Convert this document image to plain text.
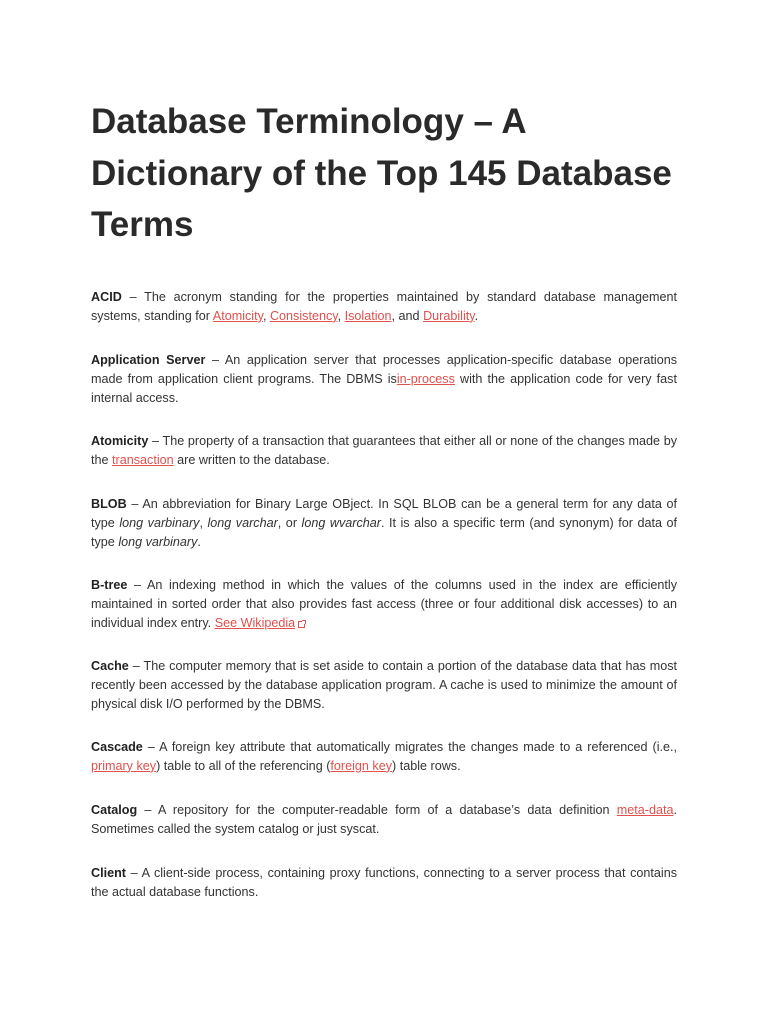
Database Terminology – A Dictionary of the Top 145 Database Terms

ACID – The acronym standing for the properties maintained by standard database management systems, standing for Atomicity, Consistency, Isolation, and Durability.

Application Server – An application server that processes application-specific database operations made from application client programs. The DBMS isin-process with the application code for very fast internal access.

Atomicity – The property of a transaction that guarantees that either all or none of the changes made by the transaction are written to the database.

BLOB – An abbreviation for Binary Large OBject. In SQL BLOB can be a general term for any data of type long varbinary, long varchar, or long wvarchar. It is also a specific term (and synonym) for data of type long varbinary.

B-tree – An indexing method in which the values of the columns used in the index are efficiently maintained in sorted order that also provides fast access (three or four additional disk accesses) to an individual index entry. See Wikipedia

Cache – The computer memory that is set aside to contain a portion of the database data that has most recently been accessed by the database application program. A cache is used to minimize the amount of physical disk I/O performed by the DBMS.

Cascade – A foreign key attribute that automatically migrates the changes made to a referenced (i.e., primary key) table to all of the referencing (foreign key) table rows.

Catalog – A repository for the computer-readable form of a database’s data definition meta-data. Sometimes called the system catalog or just syscat.

Client – A client-side process, containing proxy functions, connecting to a server process that contains the actual database functions.
